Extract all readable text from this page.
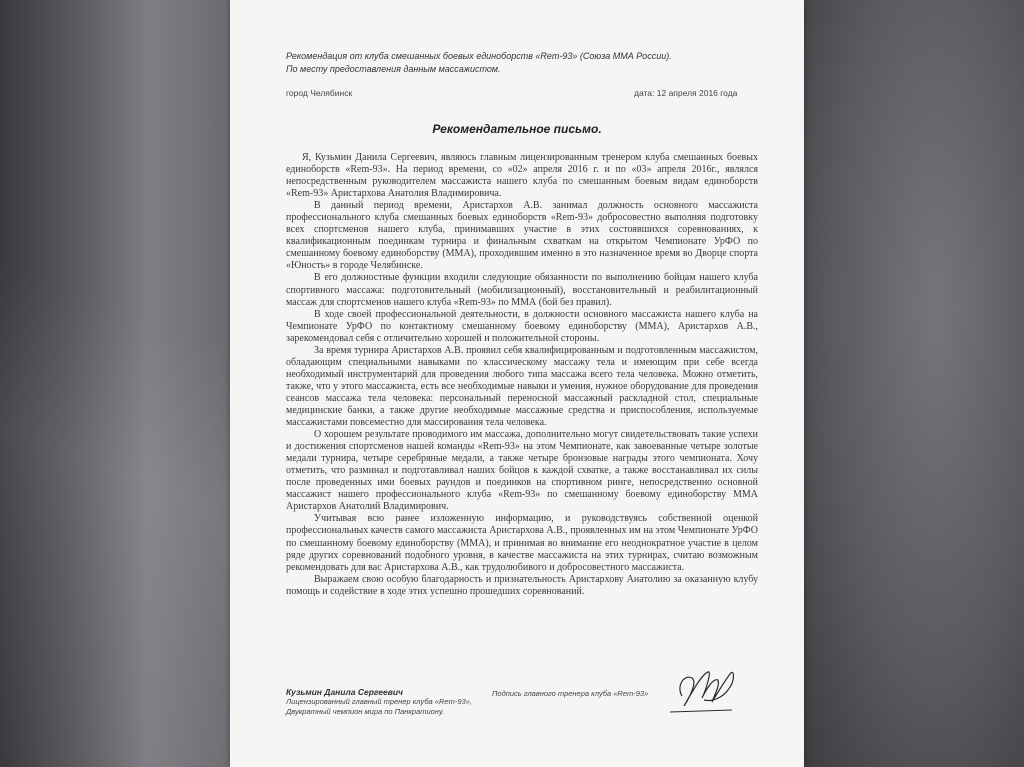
Рекомендация от клуба смешанных боевых единоборств «Rem-93» (Союза ММА России).
По месту предоставления данным массажистом.
город Челябинск	дата: 12 апреля 2016 года
Рекомендательное письмо.

Я, Кузьмин Данила Сергеевич, являюсь главным лицензированным тренером клуба смешанных боевых единоборств «Rem-93». На период времени, со «02» апреля 2016 г. и по «03» апреля 2016г., являлся непосредственным руководителем массажиста нашего клуба по смешанным боевым видам единоборств «Rem-93» Аристархова Анатолия Владимировича.

В данный период времени, Аристархов А.В. занимал должность основного массажиста профессионального клуба смешанных боевых единоборств «Rem-93» добросовестно выполняя подготовку всех спортсменов нашего клуба, принимавших участие в этих состоявшихся соревнованиях, к квалификационным поединкам турнира и финальным схваткам на открытом Чемпионате УрФО по смешанному боевому единоборству (ММА), проходившим именно в это назначенное время во Дворце спорта «Юность» в городе Челябинске.

В его должностные функции входили следующие обязанности по выполнению бойцам нашего клуба спортивного массажа: подготовительный (мобилизационный), восстановительный и реабилитационный массаж для спортсменов нашего клуба «Rem-93» по ММА (бой без правил).

В ходе своей профессиональной деятельности, в должности основного массажиста нашего клуба на Чемпионате УрФО по контактному смешанному боевому единоборству (ММА), Аристархов А.В., зарекомендовал себя с отличительно хорошей и положительной стороны.

За время турнира Аристархов А.В. проявил себя квалифицированным и подготовленным массажистом, обладающим специальными навыками по классическому массажу тела и имеющим при себе всегда необходимый инструментарий для проведения любого типа массажа всего тела человека. Можно отметить, также, что у этого массажиста, есть все необходимые навыки и умения, нужное оборудование для проведения сеансов массажа тела человека: персональный переносной массажный раскладной стол, специальные медицинские банки, а также другие необходимые массажные средства и приспособления, используемые массажистами повсеместно для массирования тела человека.

О хорошем результате проводимого им массажа, дополнительно могут свидетельствовать такие успехи и достижения спортсменов нашей команды «Rem-93» на этом Чемпионате, как завоеванные четыре золотые медали турнира, четыре серебряные медали, а также четыре бронзовые награды этого чемпионата. Хочу отметить, что разминал и подготавливал наших бойцов к каждой схватке, а также восстанавливал их силы после проведенных ими боевых раундов и поединков на спортивном ринге, непосредственно основной массажист нашего профессионального клуба «Rem-93» по смешанному боевому единоборству ММА Аристархов Анатолий Владимирович.

Учитывая всю ранее изложенную информацию, и руководствуясь собственной оценкой профессиональных качеств самого массажиста Аристархова А.В., проявленных им на этом Чемпионате УрФО по смешанному боевому единоборству (ММА), и принимая во внимание его неоднократное участие в целом ряде других соревнований подобного уровня, в качестве массажиста на этих турнирах, считаю возможным рекомендовать для вас Аристархова А.В., как трудолюбивого и добросовестного массажиста.

Выражаем свою особую благодарность и признательность Аристархову Анатолию за оказанную клубу помощь и содействие в ходе этих успешно прошедших соревнований.

Кузьмин Данила Сергеевич
Лицензированный главный тренер клуба «Rem-93»,
Двукратный чемпион мира по Панкратиону.
Подпись главного тренера клуба «Rem-93»
